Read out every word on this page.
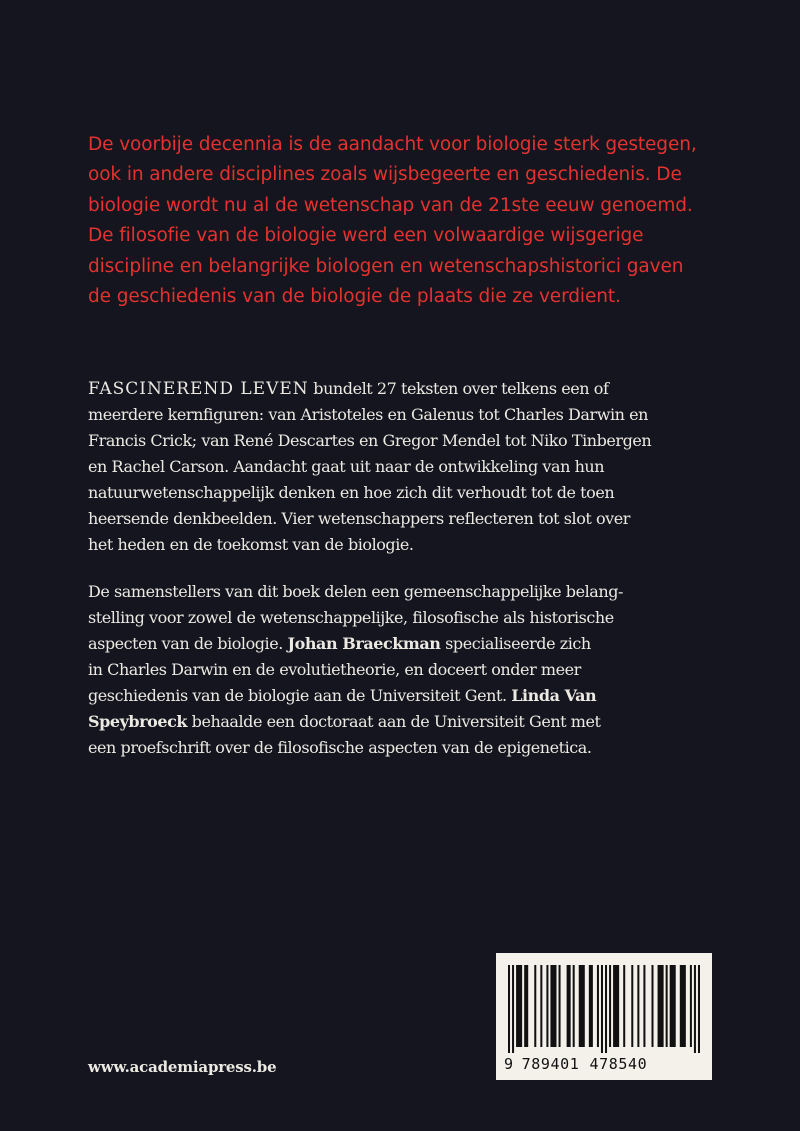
De voorbije decennia is de aandacht voor biologie sterk gestegen,
ook in andere disciplines zoals wijsbegeerte en geschiedenis. De
biologie wordt nu al de wetenschap van de 21ste eeuw genoemd.
De filosofie van de biologie werd een volwaardige wijsgerige
discipline en belangrijke biologen en wetenschapshistorici gaven
de geschiedenis van de biologie de plaats die ze verdient.

FASCINEREND LEVEN bundelt 27 teksten over telkens een of
meerdere kernfiguren: van Aristoteles en Galenus tot Charles Darwin en
Francis Crick; van René Descartes en Gregor Mendel tot Niko Tinbergen
en Rachel Carson. Aandacht gaat uit naar de ontwikkeling van hun
natuurwetenschappelijk denken en hoe zich dit verhoudt tot de toen
heersende denkbeelden. Vier wetenschappers reflecteren tot slot over
het heden en de toekomst van de biologie.

De samenstellers van dit boek delen een gemeenschappelijke belang-
stelling voor zowel de wetenschappelijke, filosofische als historische
aspecten van de biologie. Johan Braeckman specialiseerde zich
in Charles Darwin en de evolutietheorie, en doceert onder meer
geschiedenis van de biologie aan de Universiteit Gent. Linda Van
Speybroeck behaalde een doctoraat aan de Universiteit Gent met
een proefschrift over de filosofische aspecten van de epigenetica.

www.academiapress.be	9 789401 478540
